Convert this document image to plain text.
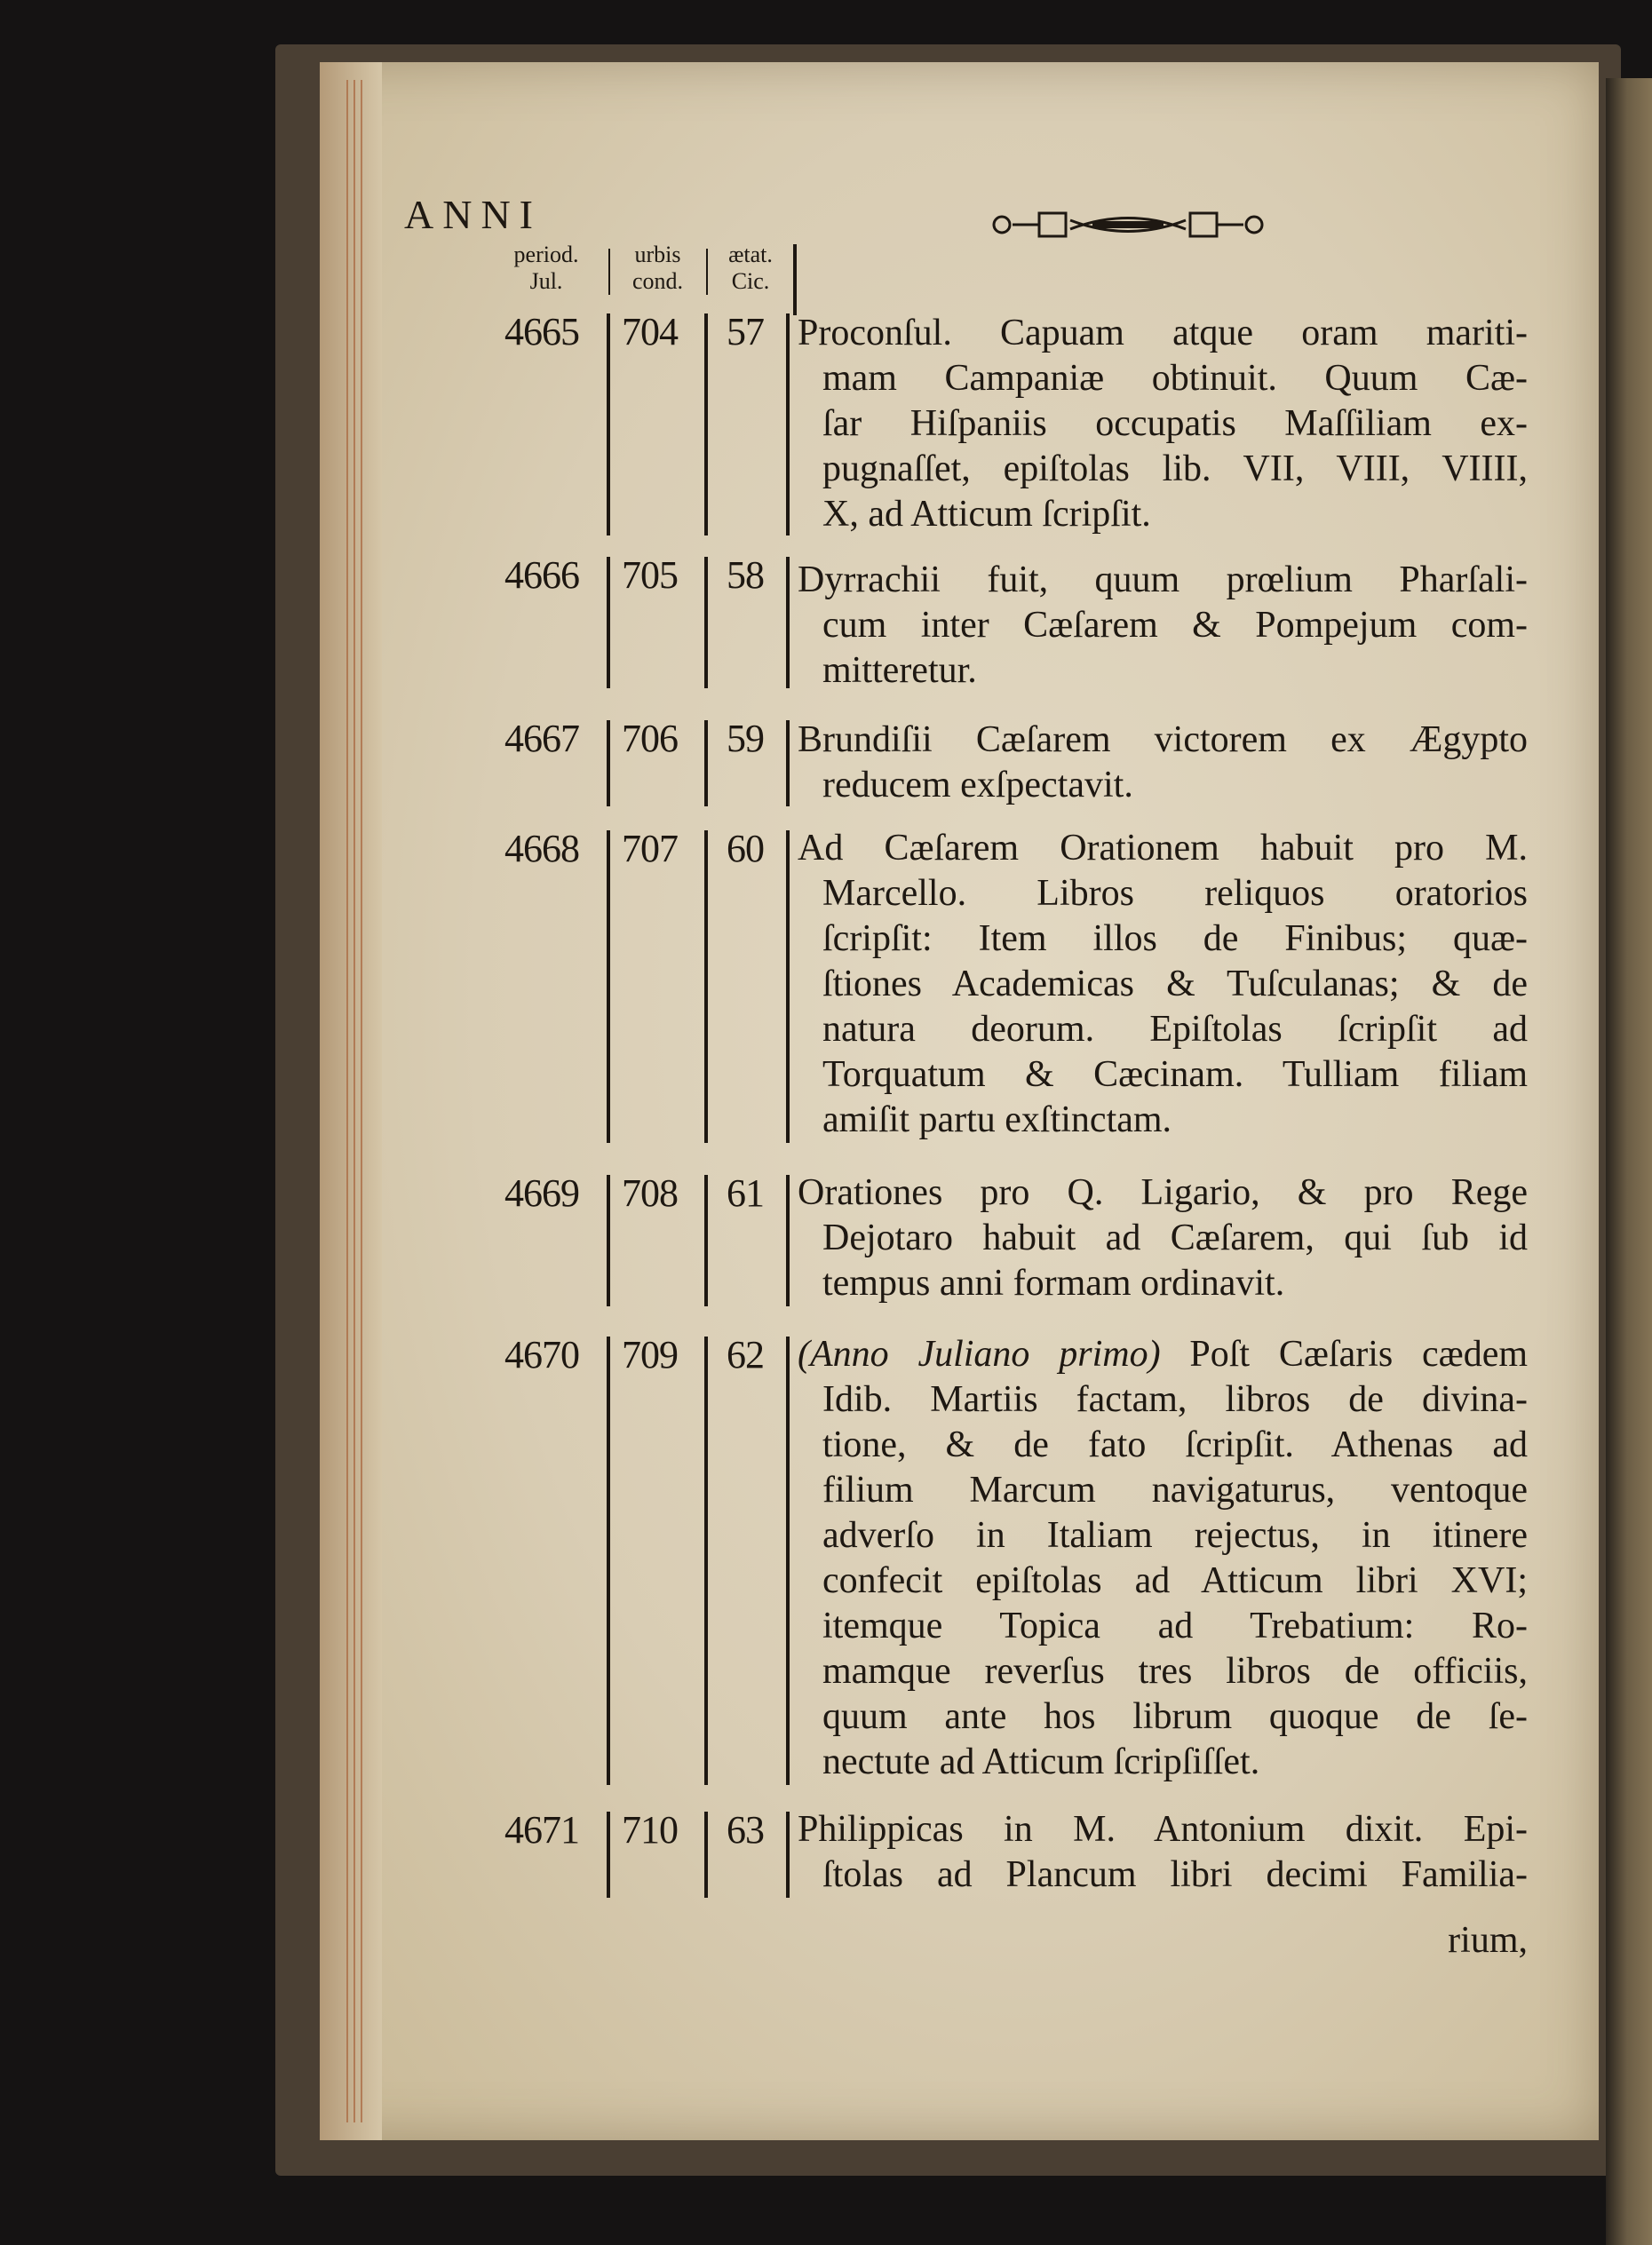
ANNI
period.
Jul.
urbis
cond.
ætat.
Cic.
4665 704 57 Proconſul. Capuam atque oram mariti-
mam Campaniæ obtinuit. Quum Cæ-
ſar Hiſpaniis occupatis Maſſiliam ex-
pugnaſſet, epiſtolas lib. VII, VIII, VIIII,
X, ad Atticum ſcripſit.
4666 705 58 Dyrrachii fuit, quum prœlium Pharſali-
cum inter Cæſarem & Pompejum com-
mitteretur.
4667 706 59 Brundiſii Cæſarem victorem ex Ægypto
reducem exſpectavit.
4668 707 60 Ad Cæſarem Orationem habuit pro M.
Marcello. Libros reliquos oratorios
ſcripſit: Item illos de Finibus; quæ-
ſtiones Academicas & Tuſculanas; & de
natura deorum. Epiſtolas ſcripſit ad
Torquatum & Cæcinam. Tulliam filiam
amiſit partu exſtinctam.
4669 708 61 Orationes pro Q. Ligario, & pro Rege
Dejotaro habuit ad Cæſarem, qui ſub id
tempus anni formam ordinavit.
4670 709 62 (Anno Juliano primo) Poſt Cæſaris cædem
Idib. Martiis factam, libros de divina-
tione, & de fato ſcripſit. Athenas ad
filium Marcum navigaturus, ventoque
adverſo in Italiam rejectus, in itinere
confecit epiſtolas ad Atticum libri XVI;
itemque Topica ad Trebatium: Ro-
mamque reverſus tres libros de officiis,
quum ante hos librum quoque de ſe-
nectute ad Atticum ſcripſiſſet.
4671 710 63 Philippicas in M. Antonium dixit. Epi-
ſtolas ad Plancum libri decimi Familia-
rium,
